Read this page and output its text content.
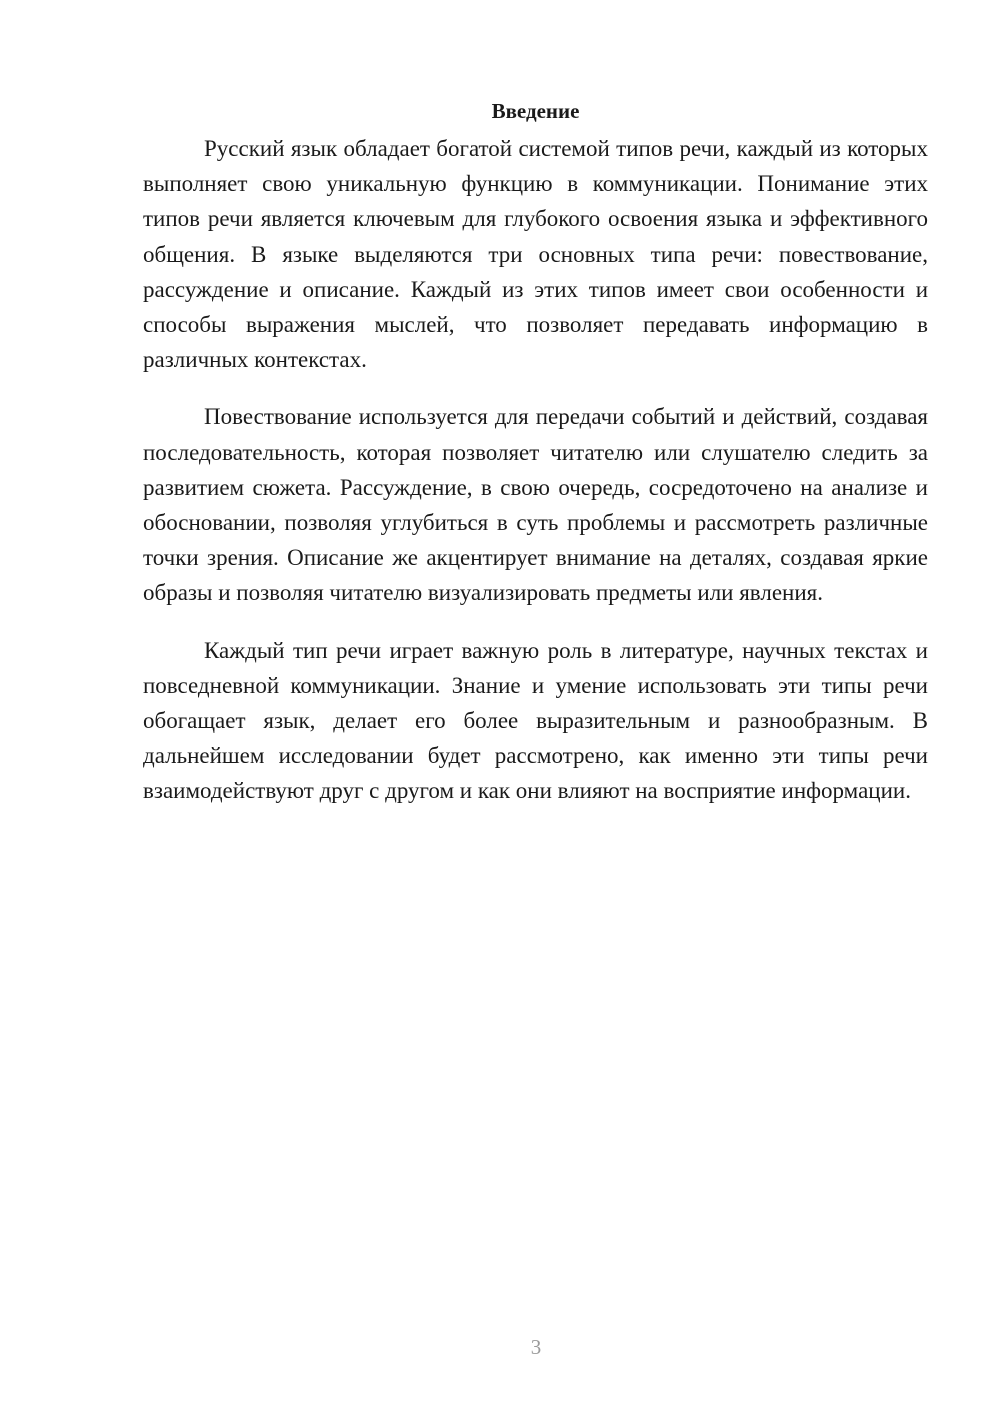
Введение

Русский язык обладает богатой системой типов речи, каждый из которых выполняет свою уникальную функцию в коммуникации. Понимание этих типов речи является ключевым для глубокого освоения языка и эффективного общения. В языке выделяются три основных типа речи: повествование, рассуждение и описание. Каждый из этих типов имеет свои особенности и способы выражения мыслей, что позволяет передавать информацию в различных контекстах.

Повествование используется для передачи событий и действий, создавая последовательность, которая позволяет читателю или слушателю следить за развитием сюжета. Рассуждение, в свою очередь, сосредоточено на анализе и обосновании, позволяя углубиться в суть проблемы и рассмотреть различные точки зрения. Описание же акцентирует внимание на деталях, создавая яркие образы и позволяя читателю визуализировать предметы или явления.

Каждый тип речи играет важную роль в литературе, научных текстах и повседневной коммуникации. Знание и умение использовать эти типы речи обогащает язык, делает его более выразительным и разнообразным. В дальнейшем исследовании будет рассмотрено, как именно эти типы речи взаимодействуют друг с другом и как они влияют на восприятие информации.

3
